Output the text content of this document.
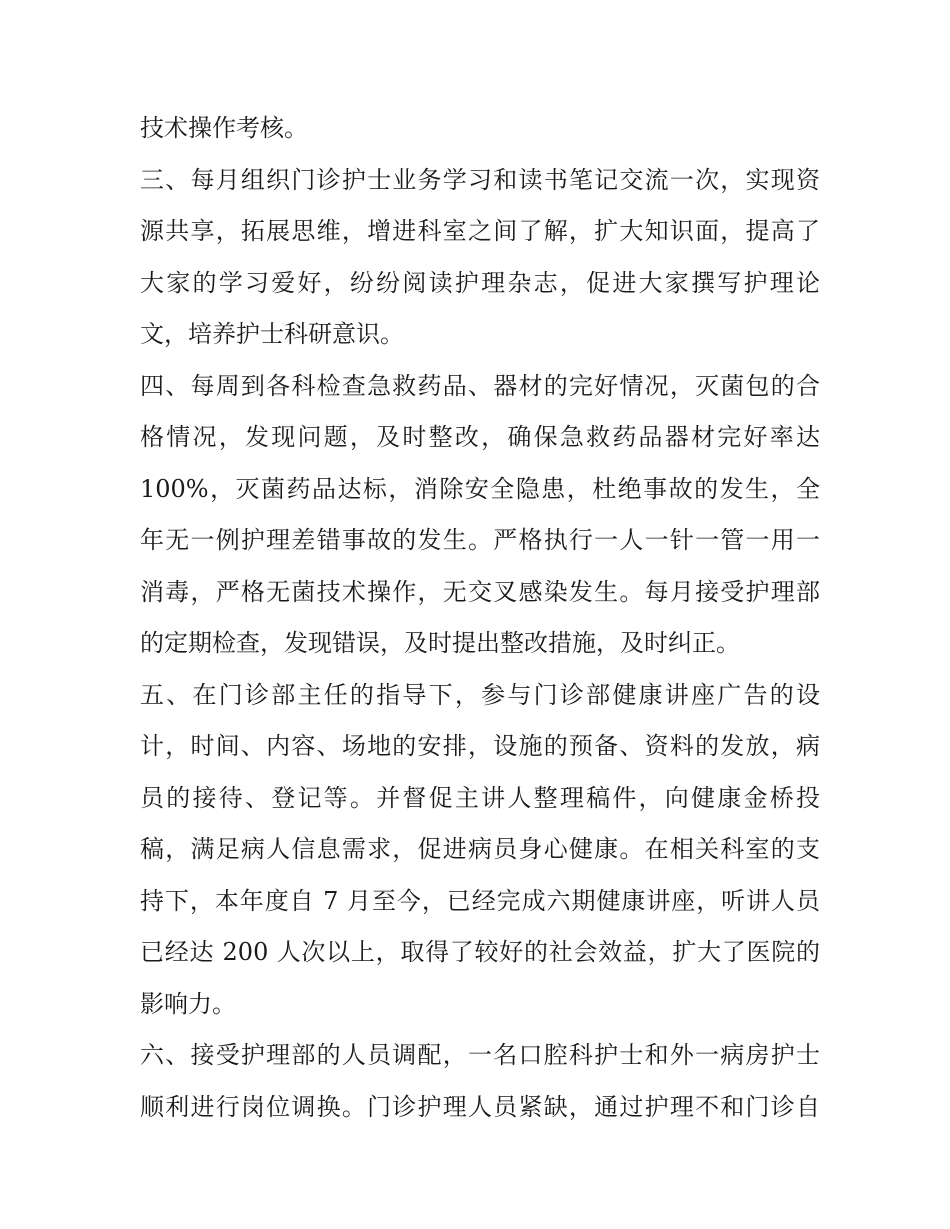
技术操作考核。
三、每月组织门诊护士业务学习和读书笔记交流一次，实现资
源共享，拓展思维，增进科室之间了解，扩大知识面，提高了
大家的学习爱好，纷纷阅读护理杂志，促进大家撰写护理论
文，培养护士科研意识。
四、每周到各科检查急救药品、器材的完好情况，灭菌包的合
格情况，发现问题，及时整改，确保急救药品器材完好率达
100%，灭菌药品达标，消除安全隐患，杜绝事故的发生，全
年无一例护理差错事故的发生。严格执行一人一针一管一用一
消毒，严格无菌技术操作，无交叉感染发生。每月接受护理部
的定期检查，发现错误，及时提出整改措施，及时纠正。
五、在门诊部主任的指导下，参与门诊部健康讲座广告的设
计，时间、内容、场地的安排，设施的预备、资料的发放，病
员的接待、登记等。并督促主讲人整理稿件，向健康金桥投
稿，满足病人信息需求，促进病员身心健康。在相关科室的支
持下，本年度自 7 月至今，已经完成六期健康讲座，听讲人员
已经达 200 人次以上，取得了较好的社会效益，扩大了医院的
影响力。
六、接受护理部的人员调配，一名口腔科护士和外一病房护士
顺利进行岗位调换。门诊护理人员紧缺，通过护理不和门诊自
